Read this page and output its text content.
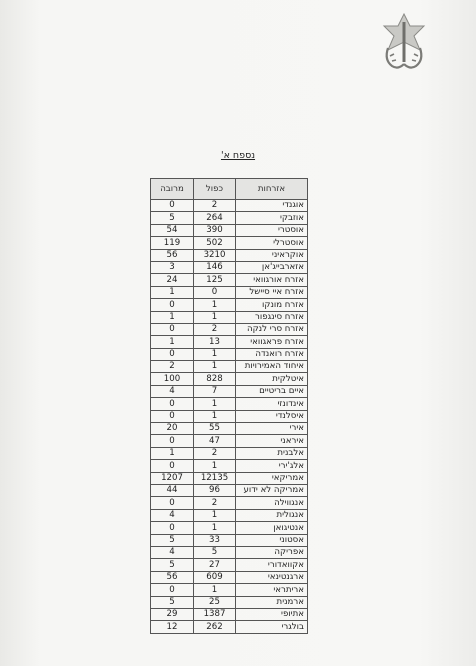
נספח א'
אזרחות	כפול	מרובה
אוגנדי	2	0
אוזבקי	264	5
אוסטרי	390	54
אוסטרלי	502	119
אוקראיני	3210	56
אזארבייג'אן	146	3
אזרח אורגוואי	125	24
אזרח איי סיישל	0	1
אזרח מונקו	1	0
אזרח סינגפור	1	1
אזרח סרי לנקה	2	0
אזרח פראגוואי	13	1
אזרח רואנדה	1	0
איחוד האמירויות	1	2
איטלקית	828	100
איים בריטיים	7	4
אינדונזי	1	0
איסלנדי	1	0
אירי	55	20
איראני	47	0
אלבנית	2	1
אלג'ירי	1	0
אמריקאי	12135	1207
אמריקה לא ידוע	96	44
אנגווילה	2	0
אנגולית	1	4
אנטיגואן	1	0
אסטוני	33	5
אפריקה	5	4
אקוואדורי	27	5
ארגנטינאי	609	56
אריתראי	1	0
ארמנית	25	5
אתיופי	1387	29
בולגרי	262	12
